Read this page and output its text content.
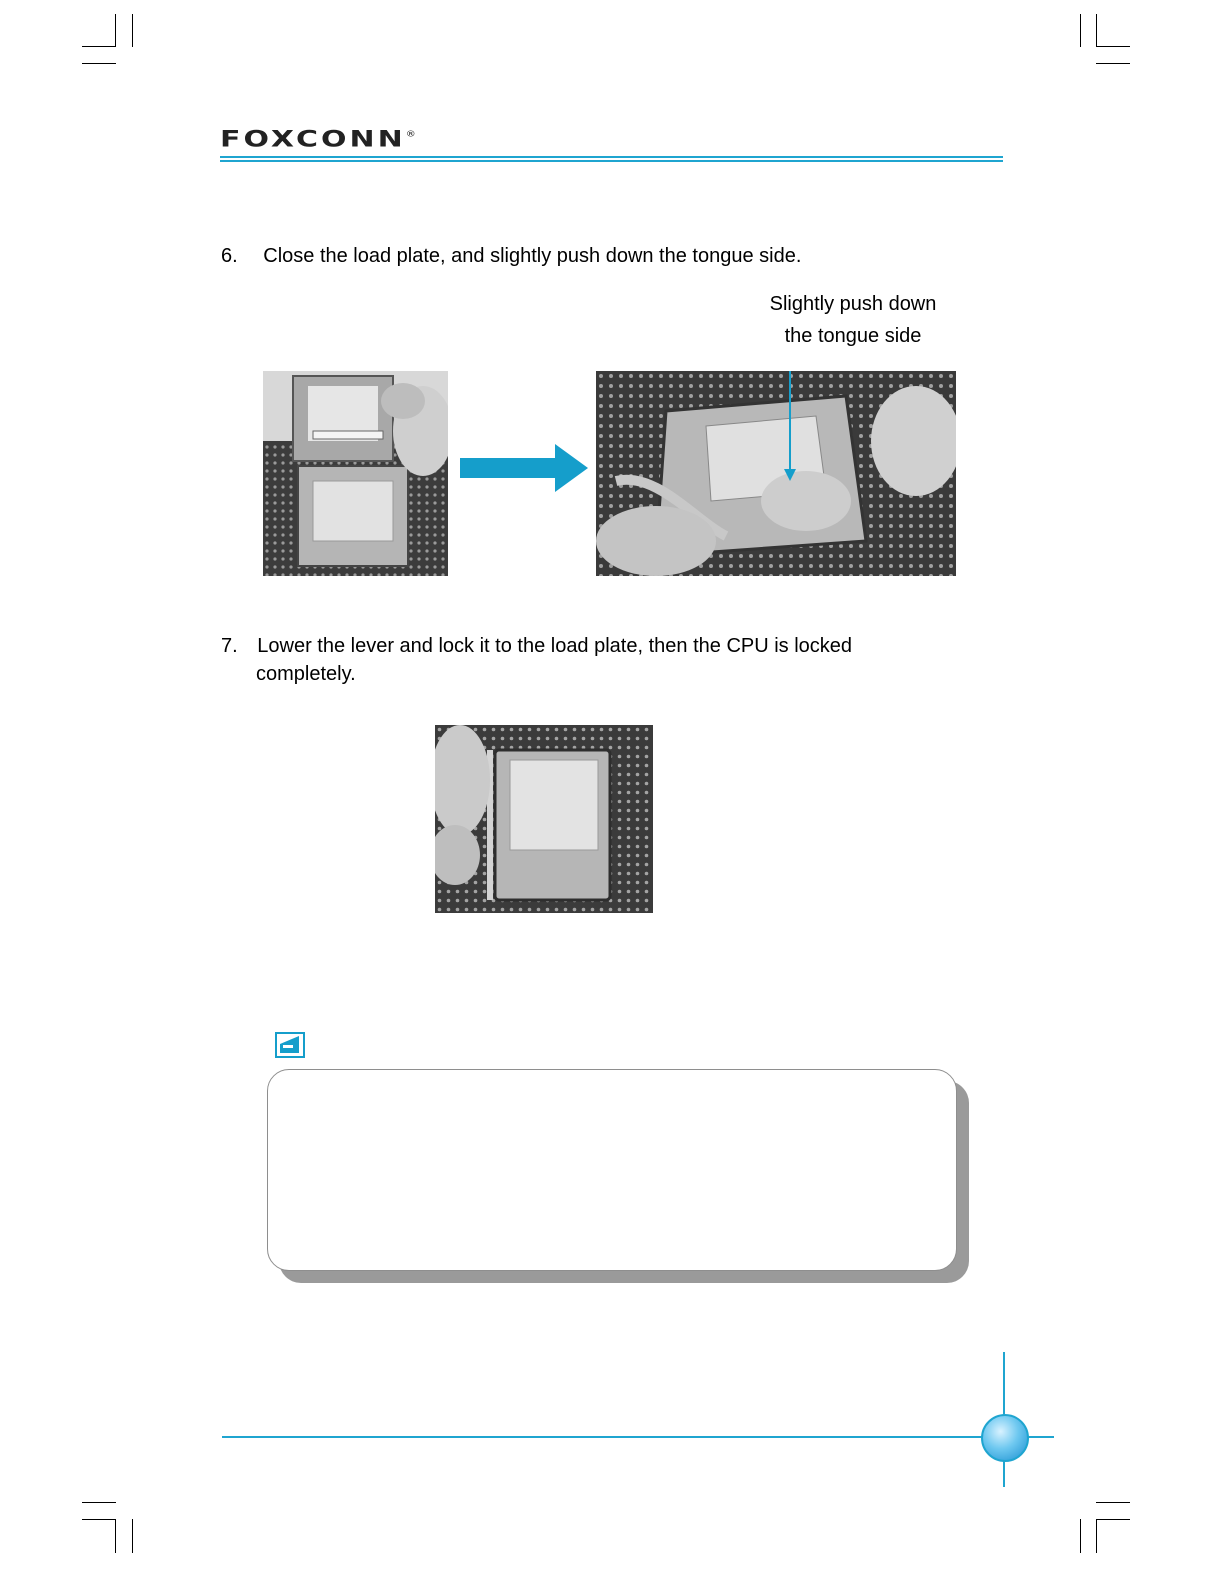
FOXCONN®
6. Close the load plate, and slightly push down the tongue side.
Slightly push down
the tongue side
7. Lower the lever and lock it to the load plate, then the CPU is locked
completely.
